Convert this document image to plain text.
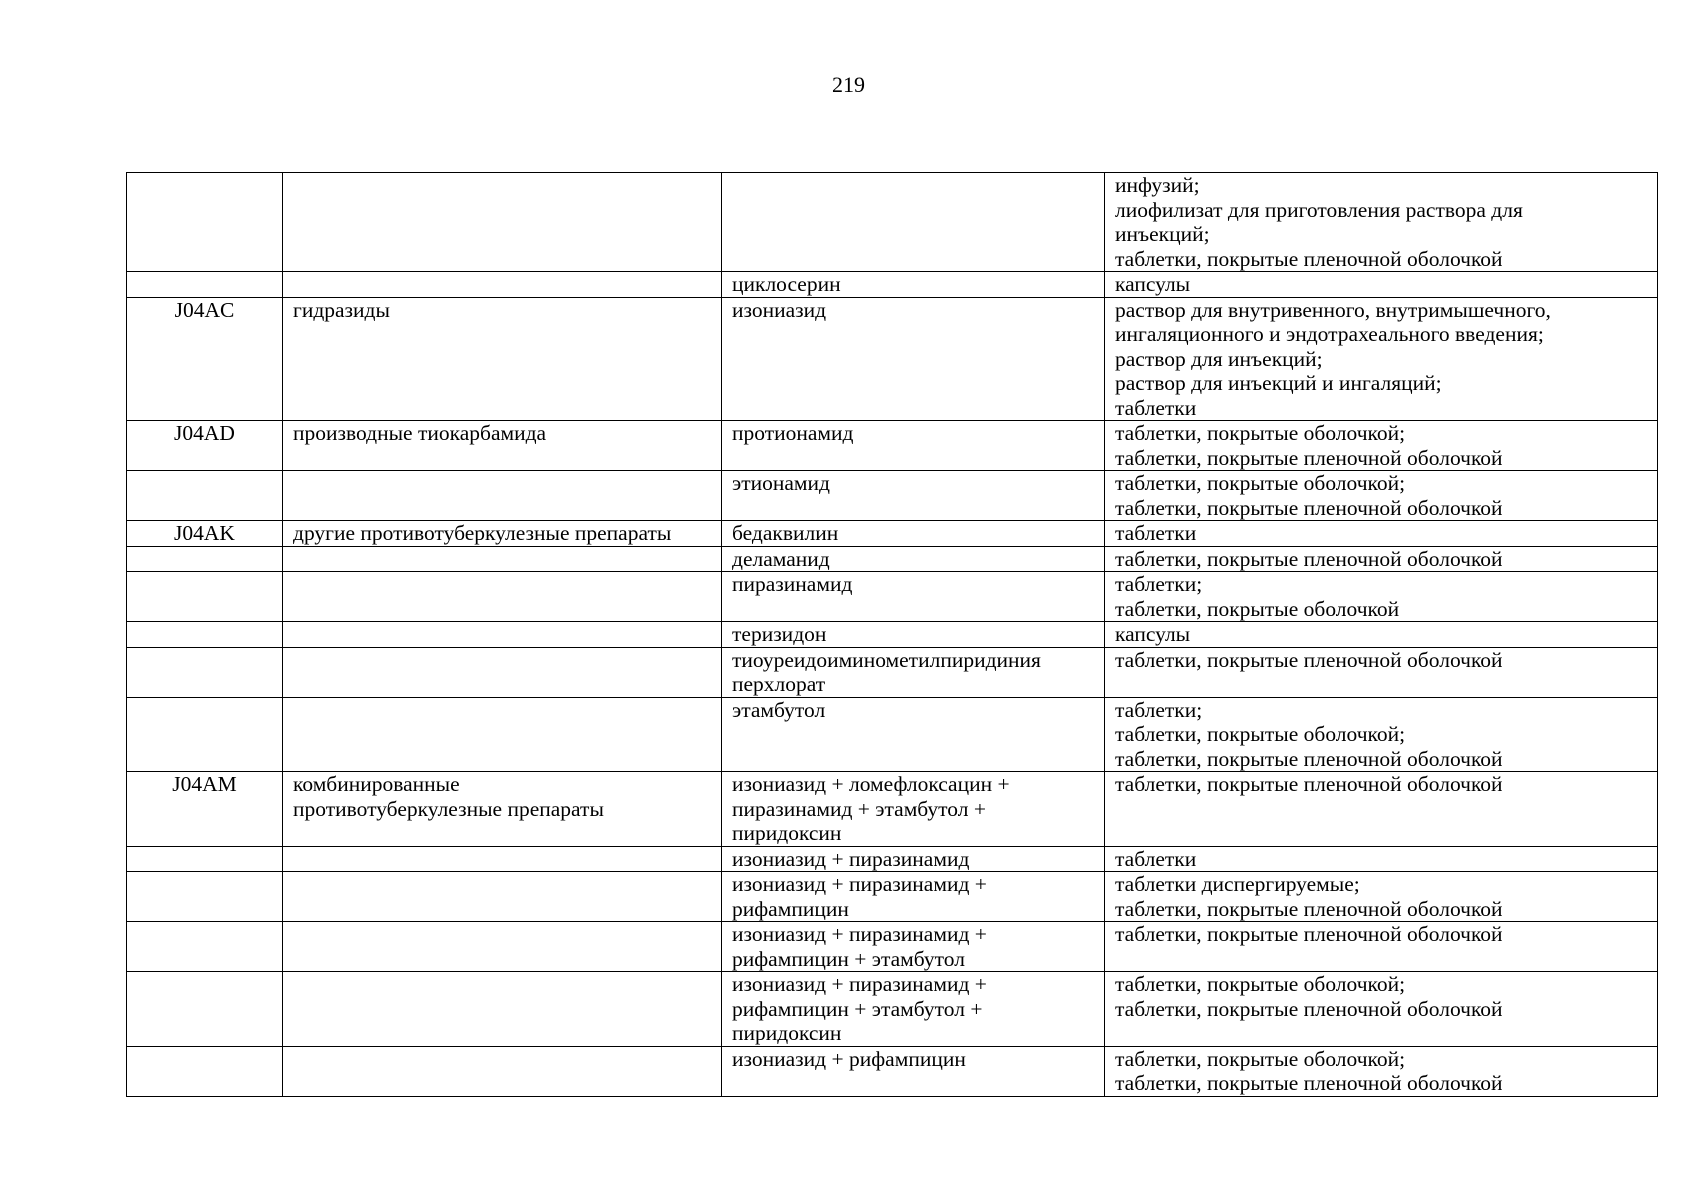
219

			инфузий;
лиофилизат для приготовления раствора для
инъекций;
таблетки, покрытые пленочной оболочкой

		циклосерин	капсулы

J04AC	гидразиды	изониазид	раствор для внутривенного, внутримышечного,
ингаляционного и эндотрахеального введения;
раствор для инъекций;
раствор для инъекций и ингаляций;
таблетки

J04AD	производные тиокарбамида	протионамид	таблетки, покрытые оболочкой;
таблетки, покрытые пленочной оболочкой

		этионамид	таблетки, покрытые оболочкой;
таблетки, покрытые пленочной оболочкой

J04AK	другие противотуберкулезные препараты	бедаквилин	таблетки

		деламанид	таблетки, покрытые пленочной оболочкой

		пиразинамид	таблетки;
таблетки, покрытые оболочкой

		теризидон	капсулы

		тиоуреидоиминометилпиридиния
перхлорат	таблетки, покрытые пленочной оболочкой

		этамбутол	таблетки;
таблетки, покрытые оболочкой;
таблетки, покрытые пленочной оболочкой

J04AM	комбинированные
противотуберкулезные препараты	изониазид + ломефлоксацин +
пиразинамид + этамбутол +
пиридоксин	таблетки, покрытые пленочной оболочкой

		изониазид + пиразинамид	таблетки

		изониазид + пиразинамид +
рифампицин	таблетки диспергируемые;
таблетки, покрытые пленочной оболочкой

		изониазид + пиразинамид +
рифампицин + этамбутол	таблетки, покрытые пленочной оболочкой

		изониазид + пиразинамид +
рифампицин + этамбутол +
пиридоксин	таблетки, покрытые оболочкой;
таблетки, покрытые пленочной оболочкой

		изониазид + рифампицин	таблетки, покрытые оболочкой;
таблетки, покрытые пленочной оболочкой
